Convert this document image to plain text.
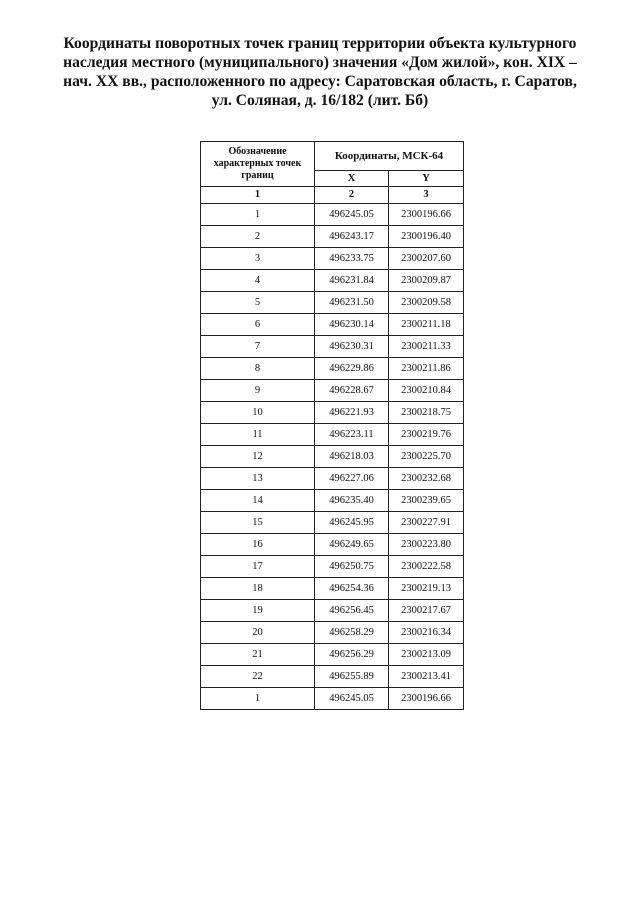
Координаты поворотных точек границ территории объекта культурного
наследия местного (муниципального) значения «Дом жилой», кон. XIX –
нач. XX вв., расположенного по адресу: Саратовская область, г. Саратов,
ул. Соляная, д. 16/182 (лит. Бб)
Обозначение характерных точек границ	Координаты, МСК-64	
	X	Y
1	2	3
1	496245.05	2300196.66
2	496243.17	2300196.40
3	496233.75	2300207.60
4	496231.84	2300209.87
5	496231.50	2300209.58
6	496230.14	2300211.18
7	496230.31	2300211.33
8	496229.86	2300211.86
9	496228.67	2300210.84
10	496221.93	2300218.75
11	496223.11	2300219.76
12	496218.03	2300225.70
13	496227.06	2300232.68
14	496235.40	2300239.65
15	496245.95	2300227.91
16	496249.65	2300223.80
17	496250.75	2300222.58
18	496254.36	2300219.13
19	496256.45	2300217.67
20	496258.29	2300216.34
21	496256.29	2300213.09
22	496255.89	2300213.41
1	496245.05	2300196.66
